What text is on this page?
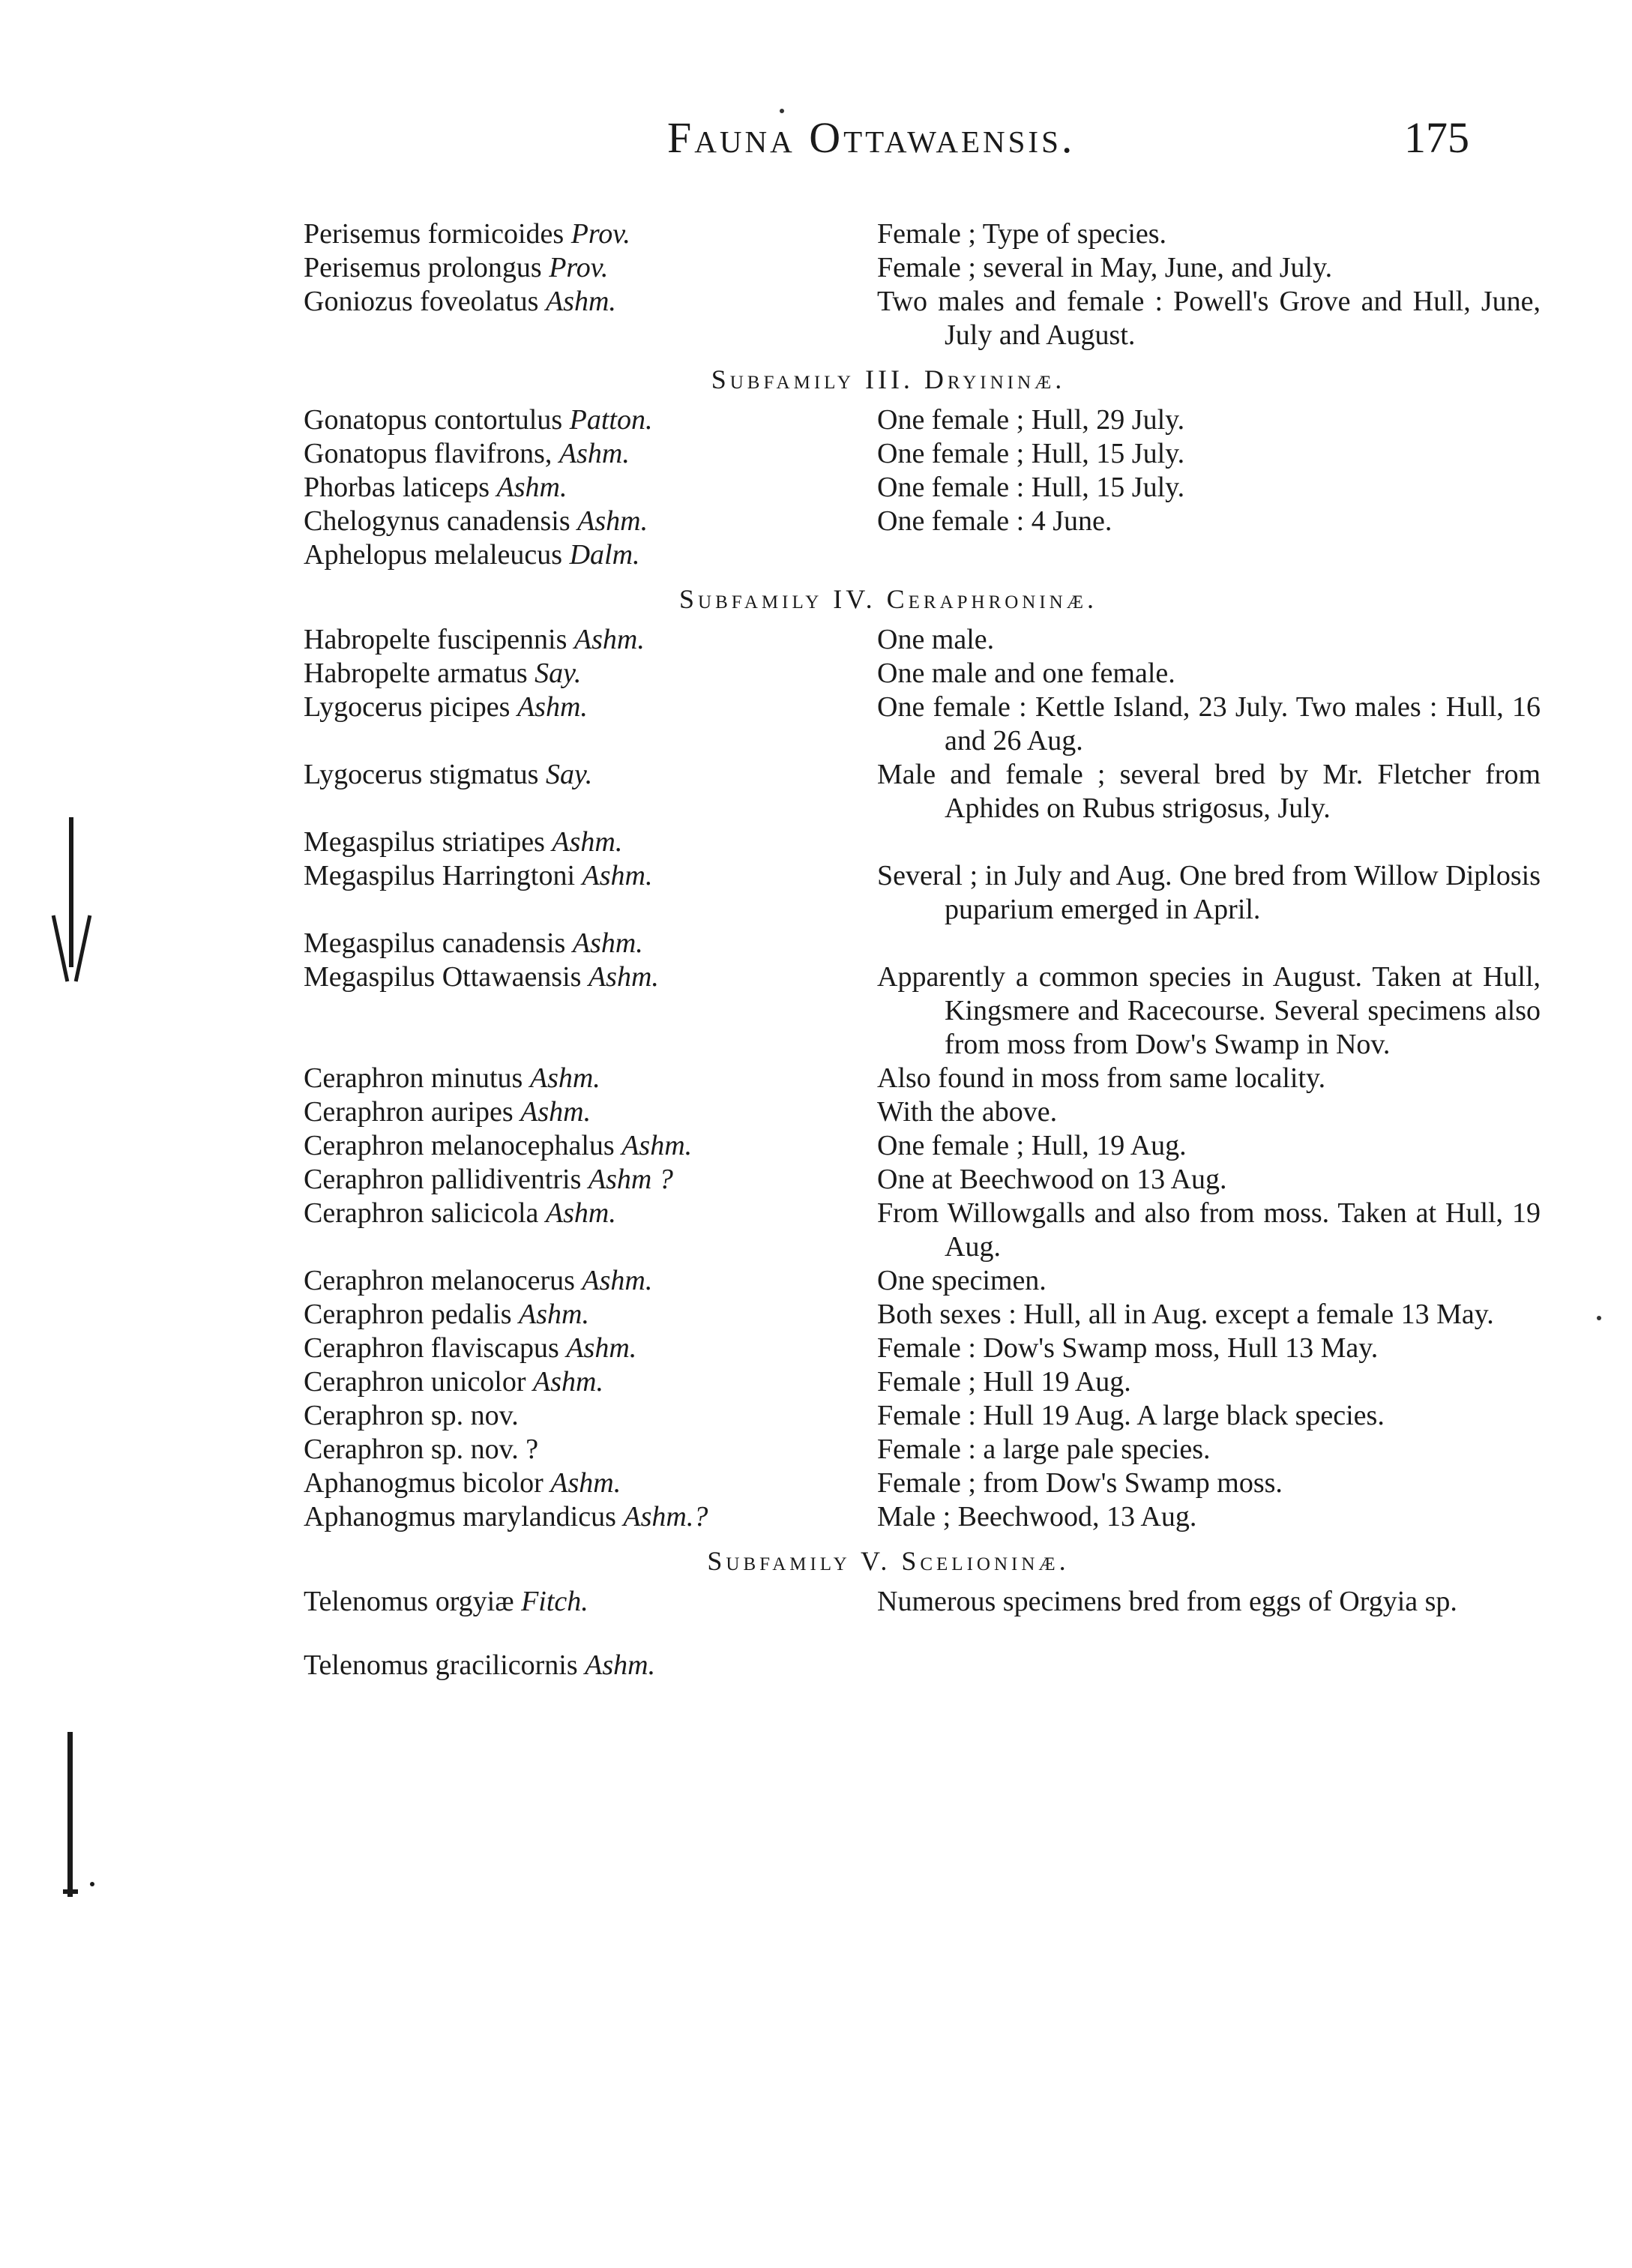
Fauna Ottawaensis.	175
Perisemus formicoides Prov.	Female ; Type of species.
Perisemus prolongus Prov.	Female ; several in May, June, and July.
Goniozus foveolatus Ashm.	Two males and female : Powell's Grove and Hull, June, July and August.
Subfamily III. Dryininæ.
Gonatopus contortulus Patton.	One female ; Hull, 29 July.
Gonatopus flavifrons, Ashm.	One female ; Hull, 15 July.
Phorbas laticeps Ashm.	One female : Hull, 15 July.
Chelogynus canadensis Ashm.	One female : 4 June.
Aphelopus melaleucus Dalm.
Subfamily IV. Ceraphroninæ.
Habropelte fuscipennis Ashm.	One male.
Habropelte armatus Say.	One male and one female.
Lygocerus picipes Ashm.	One female : Kettle Island, 23 July. Two males : Hull, 16 and 26 Aug.
Lygocerus stigmatus Say.	Male and female ; several bred by Mr. Fletcher from Aphides on Rubus strigosus, July.
Megaspilus striatipes Ashm.
Megaspilus Harringtoni Ashm.	Several ; in July and Aug. One bred from Willow Diplosis puparium emerged in April.
Megaspilus canadensis Ashm.
Megaspilus Ottawaensis Ashm.	Apparently a common species in August. Taken at Hull, Kingsmere and Racecourse. Several specimens also from moss from Dow's Swamp in Nov.
Ceraphron minutus Ashm.	Also found in moss from same locality.
Ceraphron auripes Ashm.	With the above.
Ceraphron melanocephalus Ashm.	One female ; Hull, 19 Aug.
Ceraphron pallidiventris Ashm ?	One at Beechwood on 13 Aug.
Ceraphron salicicola Ashm.	From Willowgalls and also from moss. Taken at Hull, 19 Aug.
Ceraphron melanocerus Ashm.	One specimen.
Ceraphron pedalis Ashm.	Both sexes : Hull, all in Aug. except a female 13 May.
Ceraphron flaviscapus Ashm.	Female : Dow's Swamp moss, Hull 13 May.
Ceraphron unicolor Ashm.	Female ; Hull 19 Aug.
Ceraphron sp. nov.	Female : Hull 19 Aug. A large black species.
Ceraphron sp. nov. ?	Female : a large pale species.
Aphanogmus bicolor Ashm.	Female ; from Dow's Swamp moss.
Aphanogmus marylandicus Ashm.?	Male ; Beechwood, 13 Aug.
Subfamily V. Scelioninæ.
Telenomus orgyiæ Fitch.	Numerous specimens bred from eggs of Orgyia sp.
Telenomus gracilicornis Ashm.
